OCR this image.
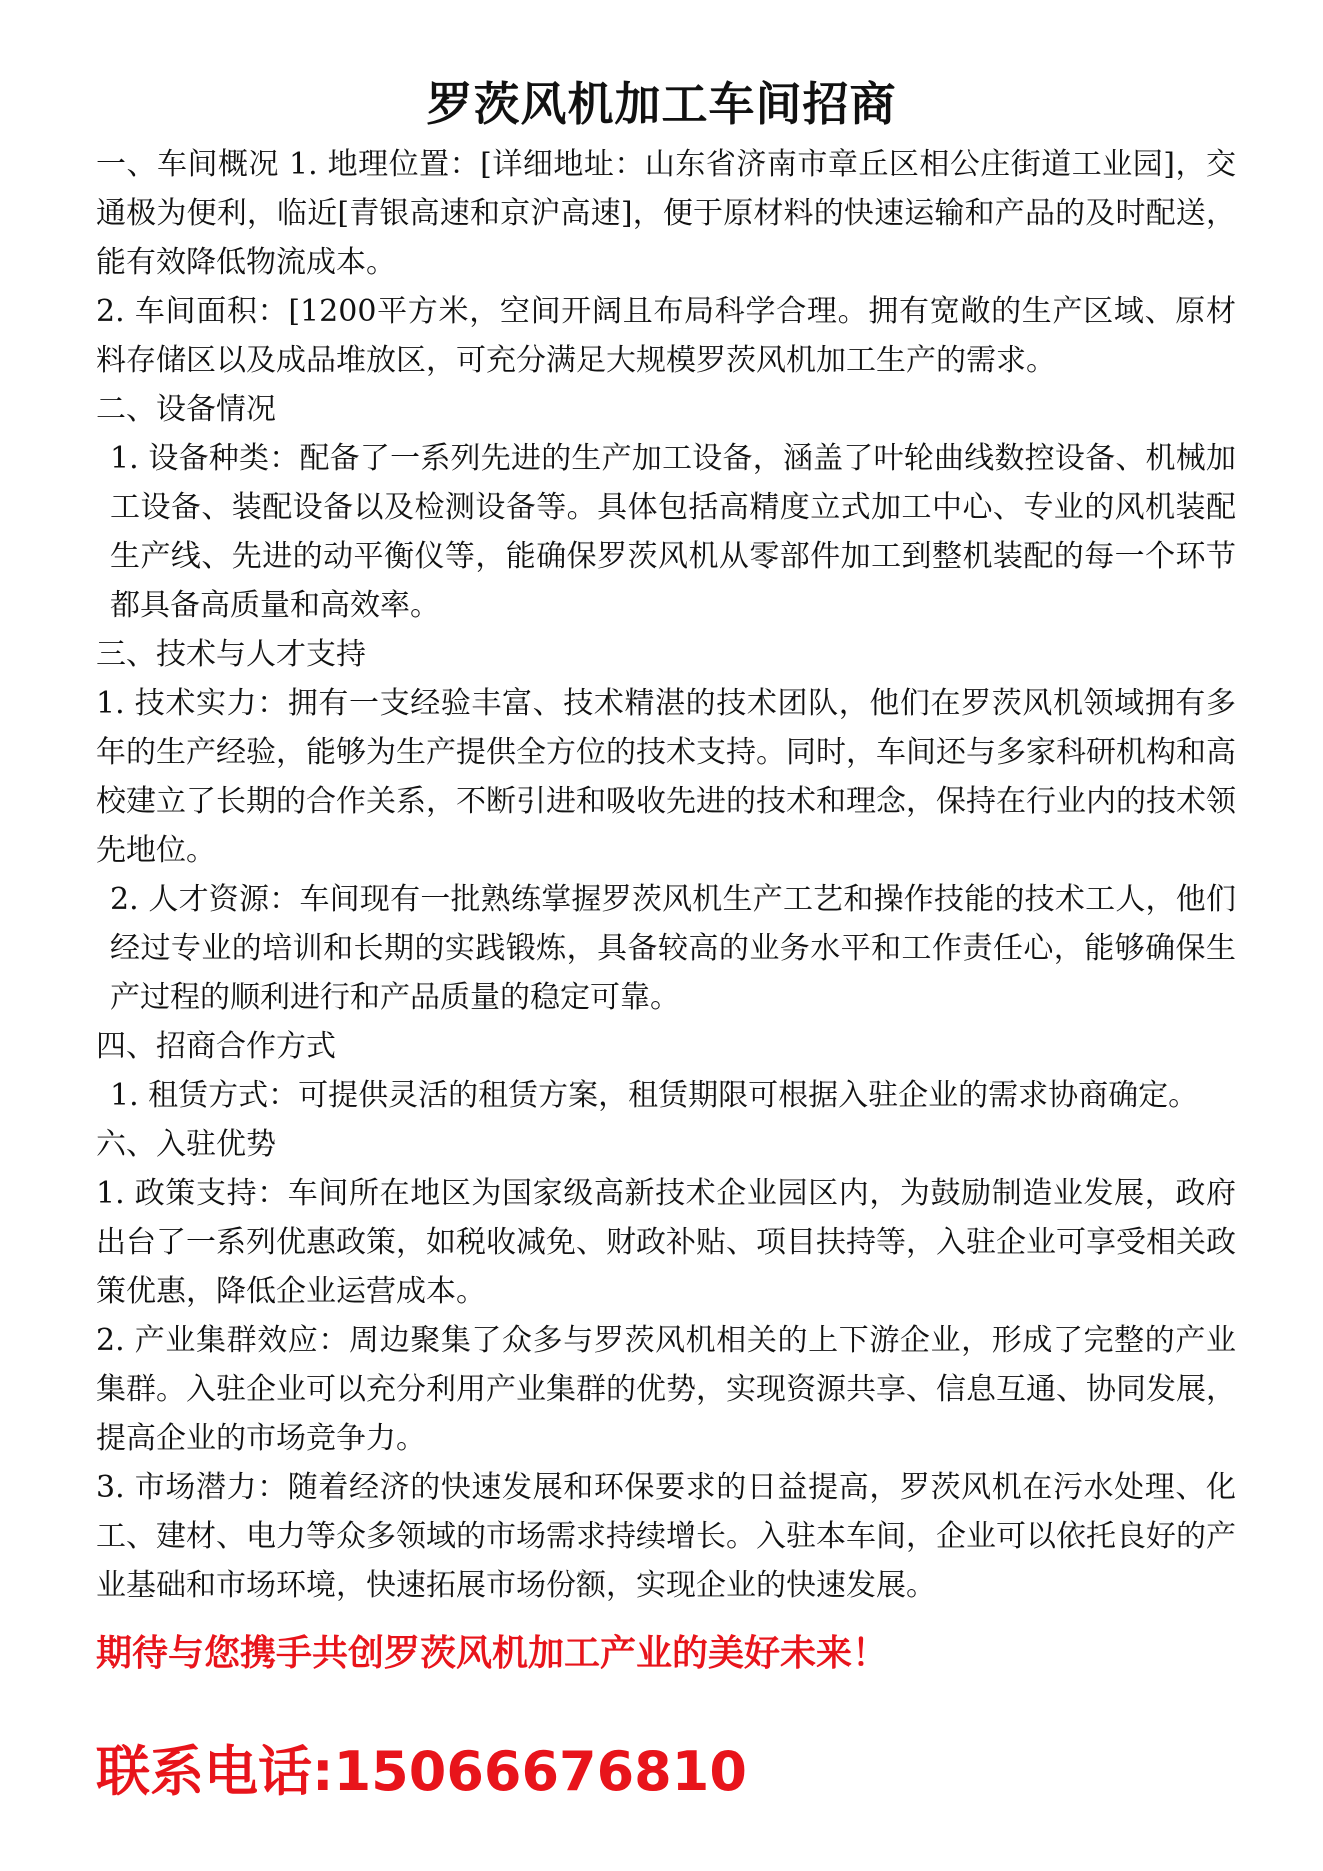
罗茨风机加工车间招商

一、车间概况 1. 地理位置：[详细地址：山东省济南市章丘区相公庄街道工业园]，交通极为便利，临近[青银高速和京沪高速]，便于原材料的快速运输和产品的及时配送，能有效降低物流成本。

2. 车间面积：[1200平方米，空间开阔且布局科学合理。拥有宽敞的生产区域、原材料存储区以及成品堆放区，可充分满足大规模罗茨风机加工生产的需求。

二、设备情况

1. 设备种类：配备了一系列先进的生产加工设备，涵盖了叶轮曲线数控设备、机械加工设备、装配设备以及检测设备等。具体包括高精度立式加工中心、专业的风机装配生产线、先进的动平衡仪等，能确保罗茨风机从零部件加工到整机装配的每一个环节都具备高质量和高效率。

三、技术与人才支持

1. 技术实力：拥有一支经验丰富、技术精湛的技术团队，他们在罗茨风机领域拥有多年的生产经验，能够为生产提供全方位的技术支持。同时，车间还与多家科研机构和高校建立了长期的合作关系，不断引进和吸收先进的技术和理念，保持在行业内的技术领先地位。

2. 人才资源：车间现有一批熟练掌握罗茨风机生产工艺和操作技能的技术工人，他们经过专业的培训和长期的实践锻炼，具备较高的业务水平和工作责任心，能够确保生产过程的顺利进行和产品质量的稳定可靠。

四、招商合作方式

1. 租赁方式：可提供灵活的租赁方案，租赁期限可根据入驻企业的需求协商确定。

六、入驻优势

1. 政策支持：车间所在地区为国家级高新技术企业园区内，为鼓励制造业发展，政府出台了一系列优惠政策，如税收减免、财政补贴、项目扶持等，入驻企业可享受相关政策优惠，降低企业运营成本。

2. 产业集群效应：周边聚集了众多与罗茨风机相关的上下游企业，形成了完整的产业集群。入驻企业可以充分利用产业集群的优势，实现资源共享、信息互通、协同发展，提高企业的市场竞争力。

3. 市场潜力：随着经济的快速发展和环保要求的日益提高，罗茨风机在污水处理、化工、建材、电力等众多领域的市场需求持续增长。入驻本车间，企业可以依托良好的产业基础和市场环境，快速拓展市场份额，实现企业的快速发展。

期待与您携手共创罗茨风机加工产业的美好未来！
联系电话:15066676810
